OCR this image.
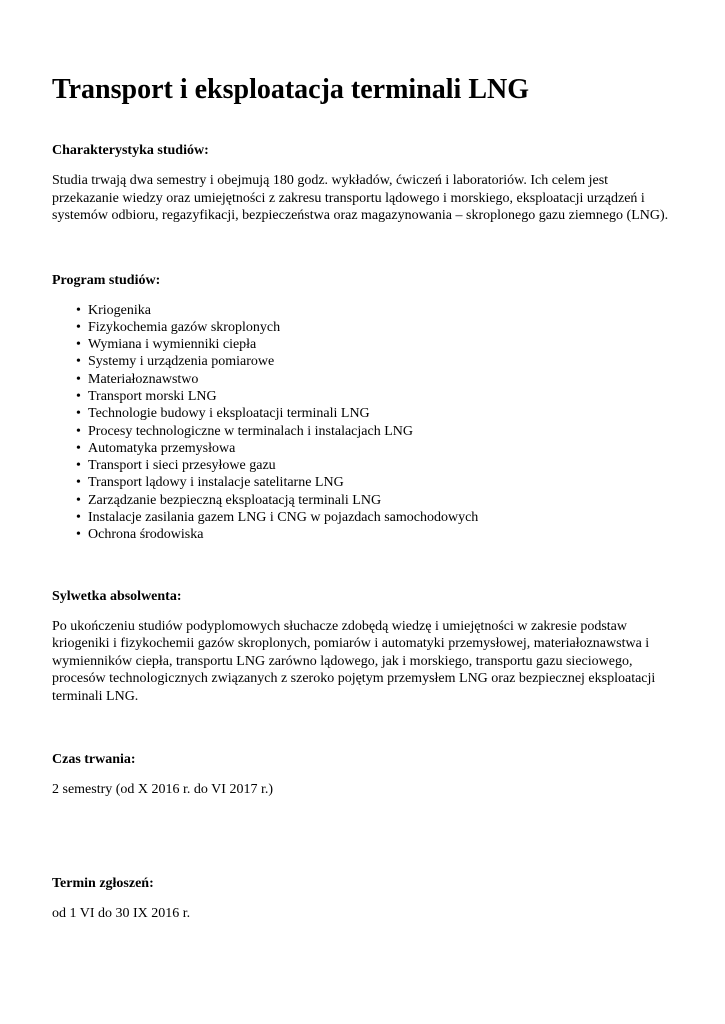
Transport i eksploatacja terminali LNG

Charakterystyka studiów:

Studia trwają dwa semestry i obejmują 180 godz. wykładów, ćwiczeń i laboratoriów. Ich celem jest przekazanie wiedzy oraz umiejętności z zakresu transportu lądowego i morskiego, eksploatacji urządzeń i systemów odbioru, regazyfikacji, bezpieczeństwa oraz magazynowania – skroplonego gazu ziemnego (LNG).

Program studiów:

• Kriogenika
• Fizykochemia gazów skroplonych
• Wymiana i wymienniki ciepła
• Systemy i urządzenia pomiarowe
• Materiałoznawstwo
• Transport morski LNG
• Technologie budowy i eksploatacji terminali LNG
• Procesy technologiczne w terminalach i instalacjach LNG
• Automatyka przemysłowa
• Transport i sieci przesyłowe gazu
• Transport lądowy i instalacje satelitarne LNG
• Zarządzanie bezpieczną eksploatacją terminali LNG
• Instalacje zasilania gazem LNG i CNG w pojazdach samochodowych
• Ochrona środowiska

Sylwetka absolwenta:

Po ukończeniu studiów podyplomowych słuchacze zdobędą wiedzę i umiejętności w zakresie podstaw kriogeniki i fizykochemii gazów skroplonych, pomiarów i automatyki przemysłowej, materiałoznawstwa i wymienników ciepła, transportu LNG zarówno lądowego, jak i morskiego, transportu gazu sieciowego, procesów technologicznych związanych z szeroko pojętym przemysłem LNG oraz bezpiecznej eksploatacji terminali LNG.

Czas trwania:

2 semestry (od X 2016 r. do VI 2017 r.)

Termin zgłoszeń:

od 1 VI do 30 IX 2016 r.
